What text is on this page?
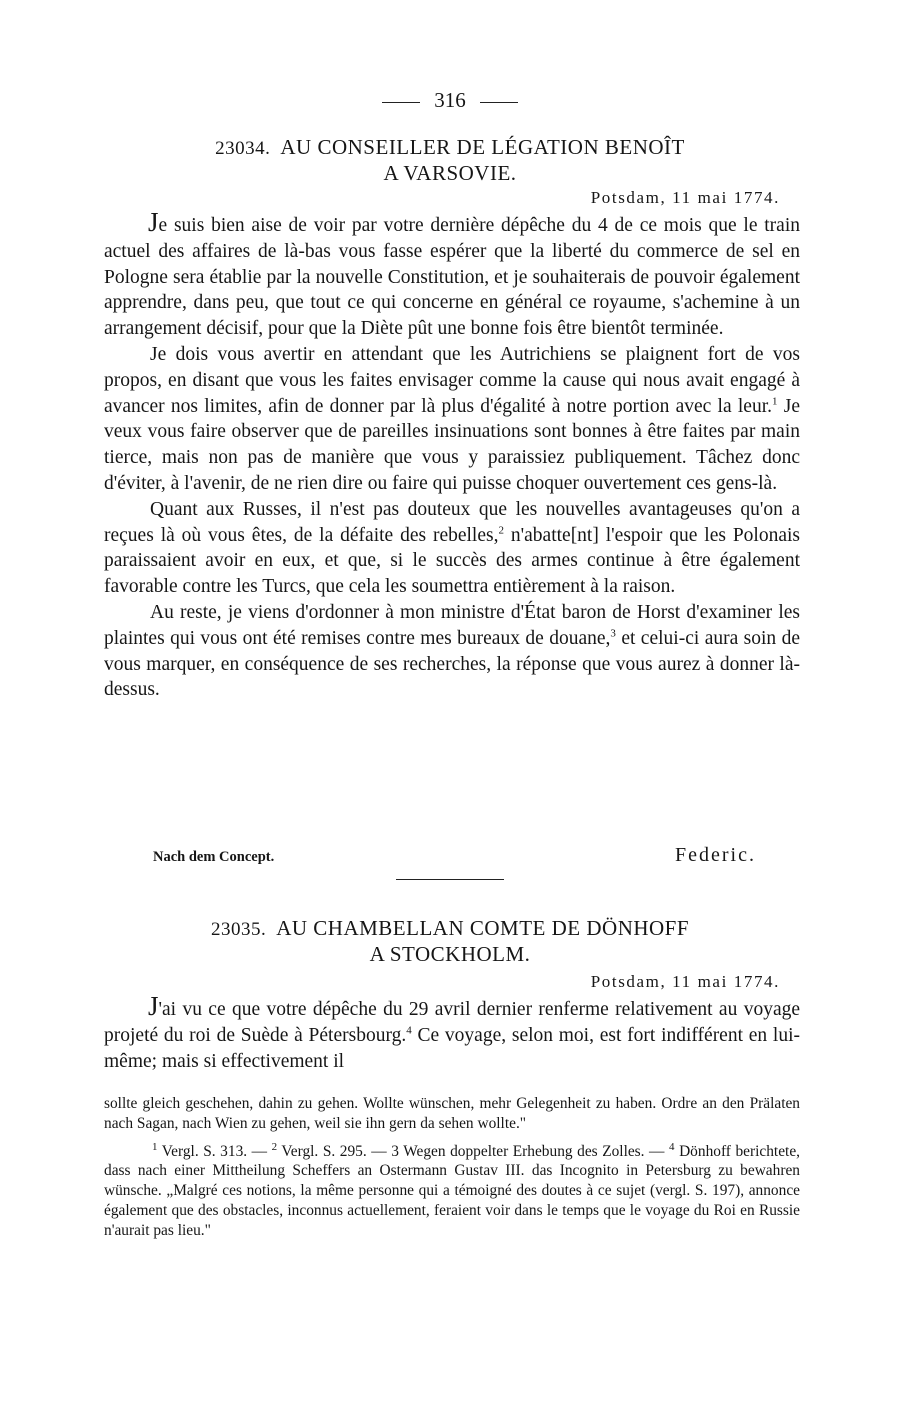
316
23034. AU CONSEILLER DE LÉGATION BENOÎT
A VARSOVIE.
Potsdam, 11 mai 1774.

Je suis bien aise de voir par votre dernière dépêche du 4 de ce mois que le train actuel des affaires de là-bas vous fasse espérer que la liberté du commerce de sel en Pologne sera établie par la nouvelle Constitution, et je souhaiterais de pouvoir également apprendre, dans peu, que tout ce qui concerne en général ce royaume, s'achemine à un arrangement décisif, pour que la Diète pût une bonne fois être bientôt terminée.

Je dois vous avertir en attendant que les Autrichiens se plaignent fort de vos propos, en disant que vous les faites envisager comme la cause qui nous avait engagé à avancer nos limites, afin de donner par là plus d'égalité à notre portion avec la leur.$^1$ Je veux vous faire observer que de pareilles insinuations sont bonnes à être faites par main tierce, mais non pas de manière que vous y paraissiez publiquement. Tâchez donc d'éviter, à l'avenir, de ne rien dire ou faire qui puisse choquer ouvertement ces gens-là.

Quant aux Russes, il n'est pas douteux que les nouvelles avantageuses qu'on a reçues là où vous êtes, de la défaite des rebelles,$^2$ n'abatte[nt] l'espoir que les Polonais paraissaient avoir en eux, et que, si le succès des armes continue à être également favorable contre les Turcs, que cela les soumettra entièrement à la raison.

Au reste, je viens d'ordonner à mon ministre d'État baron de Horst d'examiner les plaintes qui vous ont été remises contre mes bureaux de douane,$^3$ et celui-ci aura soin de vous marquer, en conséquence de ses recherches, la réponse que vous aurez à donner là-dessus.

Nach dem Concept.	Federic.
23035. AU CHAMBELLAN COMTE DE DÖNHOFF
A STOCKHOLM.
Potsdam, 11 mai 1774.

J'ai vu ce que votre dépêche du 29 avril dernier renferme relativement au voyage projeté du roi de Suède à Pétersbourg.$^4$ Ce voyage, selon moi, est fort indifférent en lui-même; mais si effectivement il

sollte gleich geschehen, dahin zu gehen. Wollte wünschen, mehr Gelegenheit zu haben. Ordre an den Prälaten nach Sagan, nach Wien zu gehen, weil sie ihn gern da sehen wollte."

$^1$ Vergl. S. 313. — $^2$ Vergl. S. 295. — 3 Wegen doppelter Erhebung des Zolles. — $^4$ Dönhoff berichtete, dass nach einer Mittheilung Scheffers an Ostermann Gustav III. das Incognito in Petersburg zu bewahren wünsche. „Malgré ces notions, la même personne qui a témoigné des doutes à ce sujet (vergl. S. 197), annonce également que des obstacles, inconnus actuellement, feraient voir dans le temps que le voyage du Roi en Russie n'aurait pas lieu."
